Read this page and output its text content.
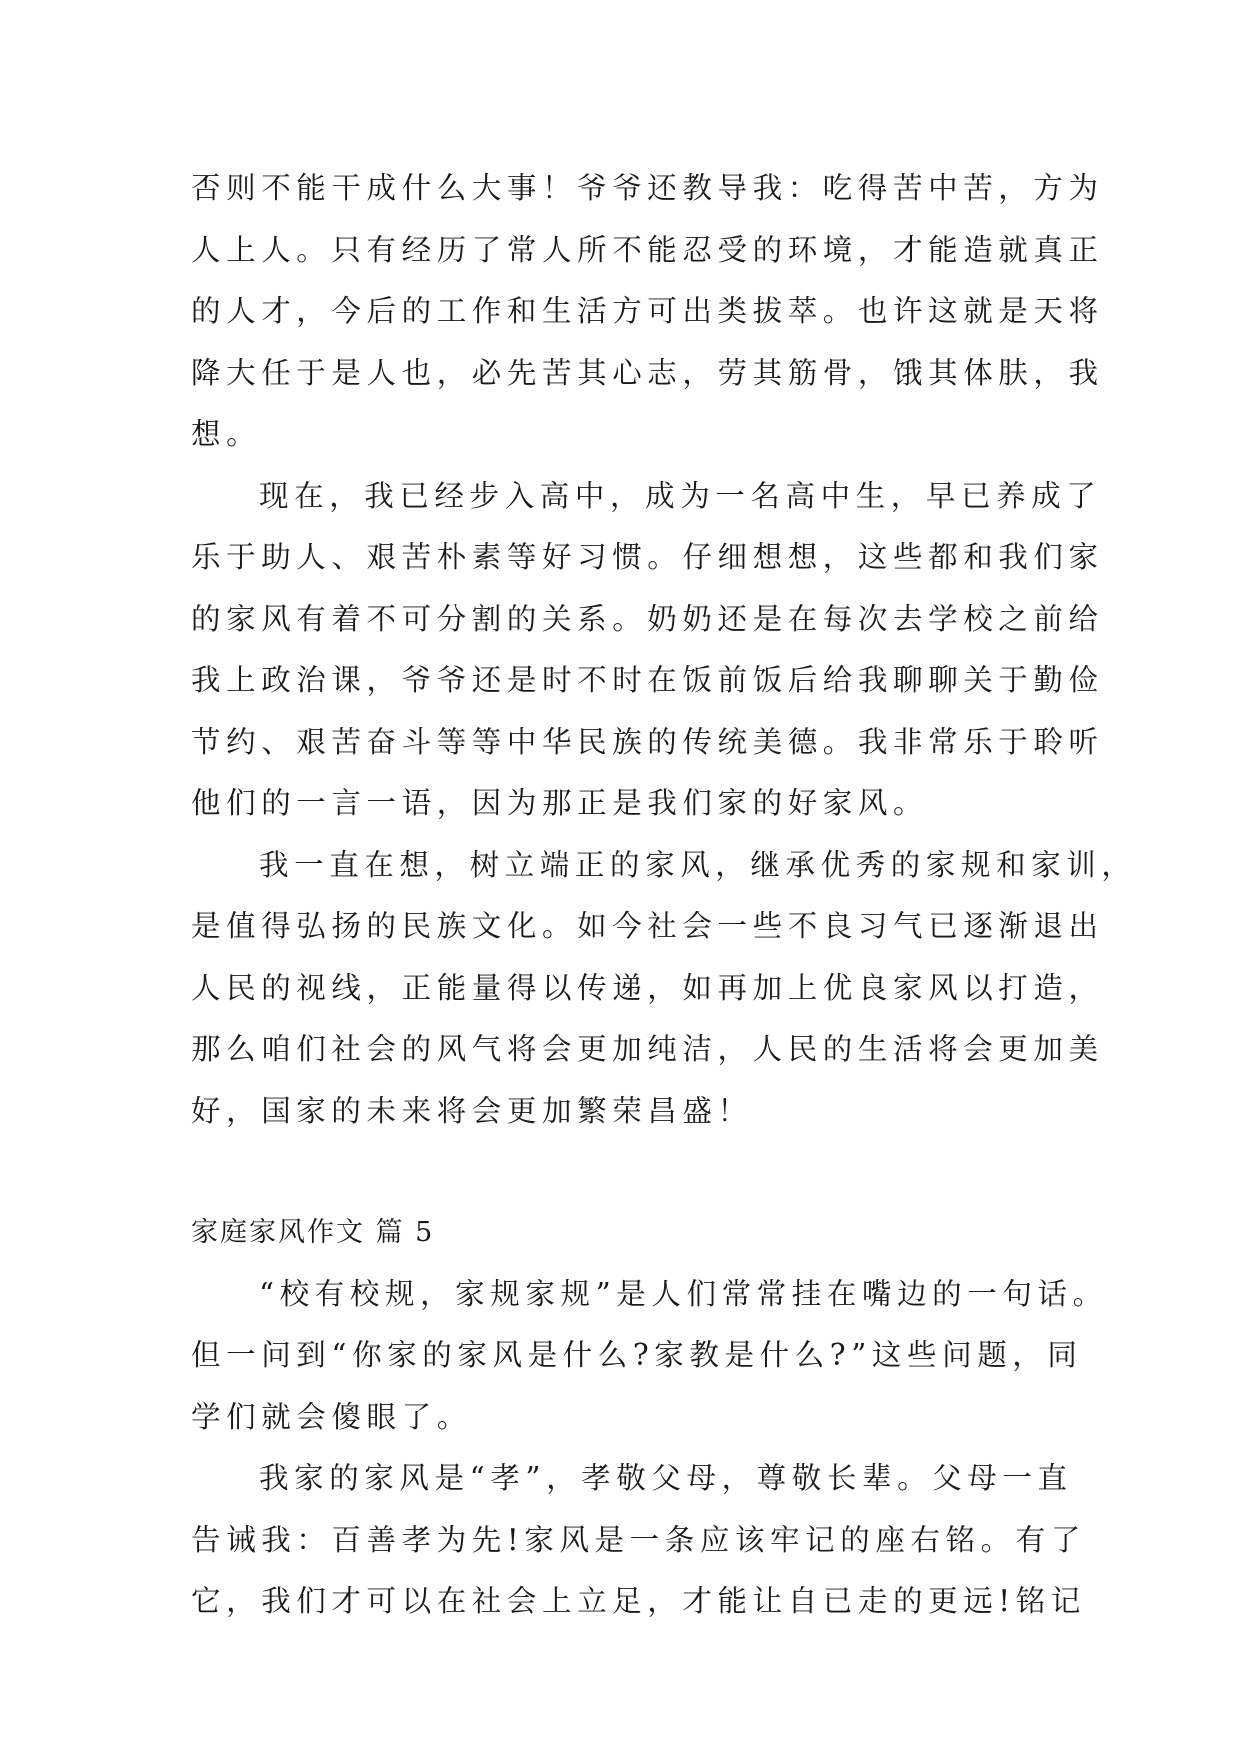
否则不能干成什么大事！爷爷还教导我：吃得苦中苦，方为
人上人。只有经历了常人所不能忍受的环境，才能造就真正
的人才，今后的工作和生活方可出类拔萃。也许这就是天将
降大任于是人也，必先苦其心志，劳其筋骨，饿其体肤，我
想。
现在，我已经步入高中，成为一名高中生，早已养成了
乐于助人、艰苦朴素等好习惯。仔细想想，这些都和我们家
的家风有着不可分割的关系。奶奶还是在每次去学校之前给
我上政治课，爷爷还是时不时在饭前饭后给我聊聊关于勤俭
节约、艰苦奋斗等等中华民族的传统美德。我非常乐于聆听
他们的一言一语，因为那正是我们家的好家风。
我一直在想，树立端正的家风，继承优秀的家规和家训，
是值得弘扬的民族文化。如今社会一些不良习气已逐渐退出
人民的视线，正能量得以传递，如再加上优良家风以打造，
那么咱们社会的风气将会更加纯洁，人民的生活将会更加美
好，国家的未来将会更加繁荣昌盛！
家庭家风作文 篇 5
“校有校规，家规家规”是人们常常挂在嘴边的一句话。
但一问到“你家的家风是什么?家教是什么?”这些问题，同
学们就会傻眼了。
我家的家风是“孝”，孝敬父母，尊敬长辈。父母一直
告诫我：百善孝为先!家风是一条应该牢记的座右铭。有了
它，我们才可以在社会上立足，才能让自已走的更远!铭记
